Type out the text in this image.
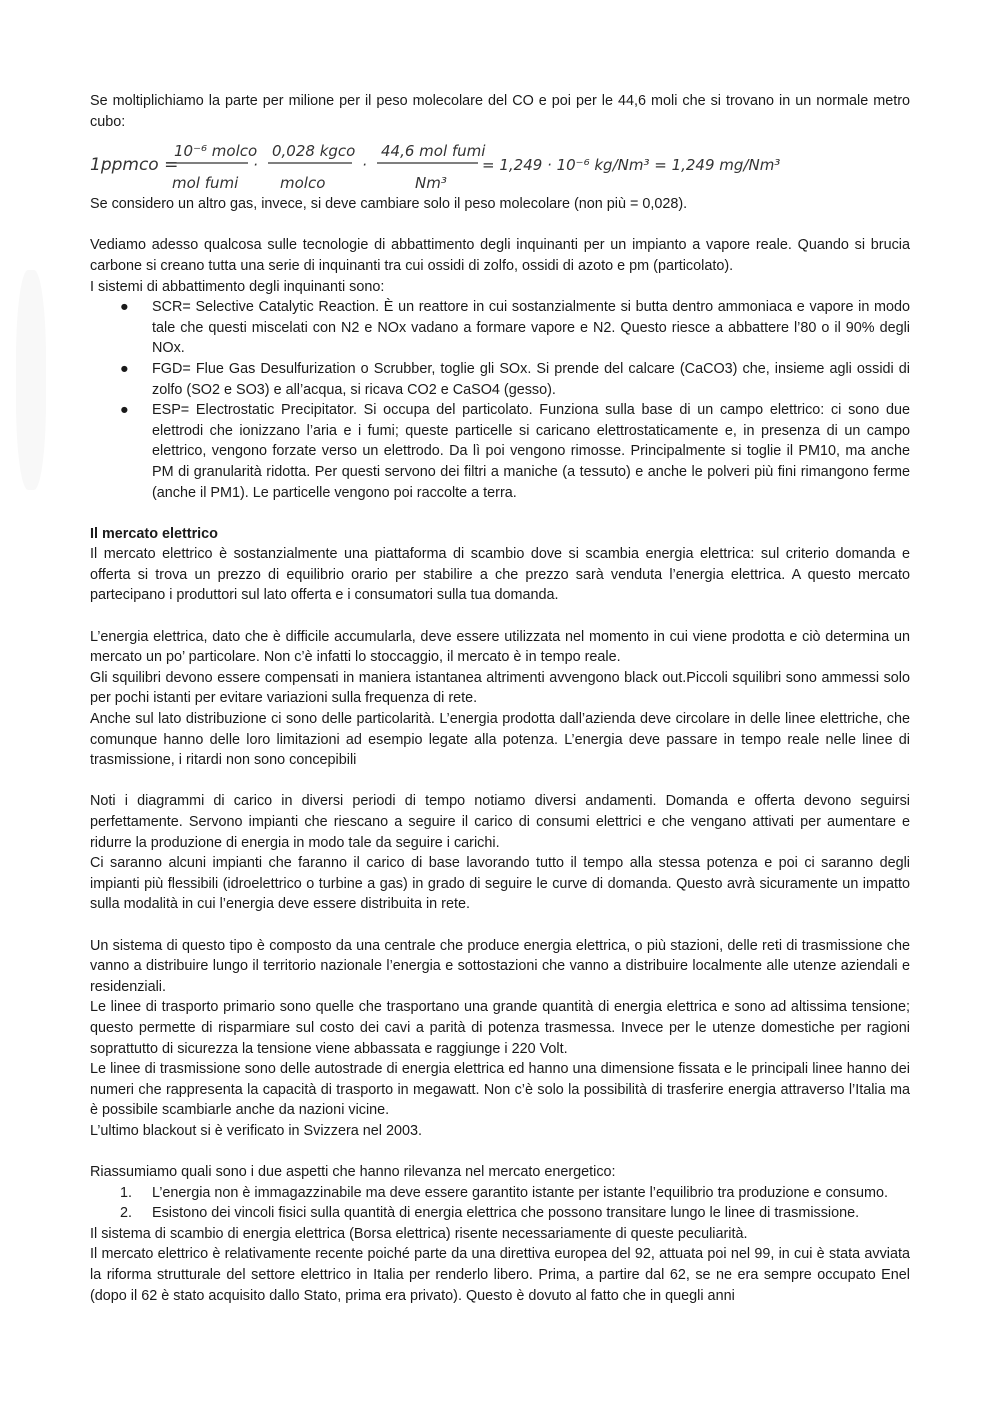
Se moltiplichiamo la parte per milione per il peso molecolare del CO e poi per le 44,6 moli che si trovano in un normale metro cubo:

1ppmco =
10⁻⁶ molco
mol fumi
·
0,028 kgco
molco
·
44,6 mol fumi
Nm³
= 1,249 · 10⁻⁶ kg/Nm³ = 1,249 mg/Nm³

Se considero un altro gas, invece, si deve cambiare solo il peso molecolare (non più = 0,028).

Vediamo adesso qualcosa sulle tecnologie di abbattimento degli inquinanti per un impianto a vapore reale. Quando si brucia carbone si creano tutta una serie di inquinanti tra cui ossidi di zolfo, ossidi di azoto e pm (particolato).

I sistemi di abbattimento degli inquinanti sono:

● SCR= Selective Catalytic Reaction. È un reattore in cui sostanzialmente si butta dentro ammoniaca e vapore in modo tale che questi miscelati con N2 e NOx vadano a formare vapore e N2. Questo riesce a abbattere l’80 o il 90% degli NOx.
● FGD= Flue Gas Desulfurization o Scrubber, toglie gli SOx. Si prende del calcare (CaCO3) che, insieme agli ossidi di zolfo (SO2 e SO3) e all’acqua, si ricava CO2 e CaSO4 (gesso).
● ESP= Electrostatic Precipitator. Si occupa del particolato. Funziona sulla base di un campo elettrico: ci sono due elettrodi che ionizzano l’aria e i fumi; queste particelle si caricano elettrostaticamente e, in presenza di un campo elettrico, vengono forzate verso un elettrodo. Da lì poi vengono rimosse. Principalmente si toglie il PM10, ma anche PM di granularità ridotta. Per questi servono dei filtri a maniche (a tessuto) e anche le polveri più fini rimangono ferme (anche il PM1). Le particelle vengono poi raccolte a terra.

Il mercato elettrico

Il mercato elettrico è sostanzialmente una piattaforma di scambio dove si scambia energia elettrica: sul criterio domanda e offerta si trova un prezzo di equilibrio orario per stabilire a che prezzo sarà venduta l’energia elettrica. A questo mercato partecipano i produttori sul lato offerta e i consumatori sulla tua domanda.

L’energia elettrica, dato che è difficile accumularla, deve essere utilizzata nel momento in cui viene prodotta e ciò determina un mercato un po’ particolare. Non c’è infatti lo stoccaggio, il mercato è in tempo reale.

Gli squilibri devono essere compensati in maniera istantanea altrimenti avvengono black out.Piccoli squilibri sono ammessi solo per pochi istanti per evitare variazioni sulla frequenza di rete.

Anche sul lato distribuzione ci sono delle particolarità. L’energia prodotta dall’azienda deve circolare in delle linee elettriche, che comunque hanno delle loro limitazioni ad esempio legate alla potenza. L’energia deve passare in tempo reale nelle linee di trasmissione, i ritardi non sono concepibili

Noti i diagrammi di carico in diversi periodi di tempo notiamo diversi andamenti. Domanda e offerta devono seguirsi perfettamente. Servono impianti che riescano a seguire il carico di consumi elettrici e che vengano attivati per aumentare e ridurre la produzione di energia in modo tale da seguire i carichi.

Ci saranno alcuni impianti che faranno il carico di base lavorando tutto il tempo alla stessa potenza e poi ci saranno degli impianti più flessibili (idroelettrico o turbine a gas) in grado di seguire le curve di domanda. Questo avrà sicuramente un impatto sulla modalità in cui l’energia deve essere distribuita in rete.

Un sistema di questo tipo è composto da una centrale che produce energia elettrica, o più stazioni, delle reti di trasmissione che vanno a distribuire lungo il territorio nazionale l’energia e sottostazioni che vanno a distribuire localmente alle utenze aziendali e residenziali.

Le linee di trasporto primario sono quelle che trasportano una grande quantità di energia elettrica e sono ad altissima tensione; questo permette di risparmiare sul costo dei cavi a parità di potenza trasmessa. Invece per le utenze domestiche per ragioni soprattutto di sicurezza la tensione viene abbassata e raggiunge i 220 Volt.

Le linee di trasmissione sono delle autostrade di energia elettrica ed hanno una dimensione fissata e le principali linee hanno dei numeri che rappresenta la capacità di trasporto in megawatt. Non c’è solo la possibilità di trasferire energia attraverso l’Italia ma è possibile scambiarle anche da nazioni vicine.

L’ultimo blackout si è verificato in Svizzera nel 2003.

Riassumiamo quali sono i due aspetti che hanno rilevanza nel mercato energetico:

1. L’energia non è immagazzinabile ma deve essere garantito istante per istante l’equilibrio tra produzione e consumo.
2. Esistono dei vincoli fisici sulla quantità di energia elettrica che possono transitare lungo le linee di trasmissione.

Il sistema di scambio di energia elettrica (Borsa elettrica) risente necessariamente di queste peculiarità.

Il mercato elettrico è relativamente recente poiché parte da una direttiva europea del 92, attuata poi nel 99, in cui è stata avviata la riforma strutturale del settore elettrico in Italia per renderlo libero. Prima, a partire dal 62, se ne era sempre occupato Enel (dopo il 62 è stato acquisito dallo Stato, prima era privato). Questo è dovuto al fatto che in quegli anni
